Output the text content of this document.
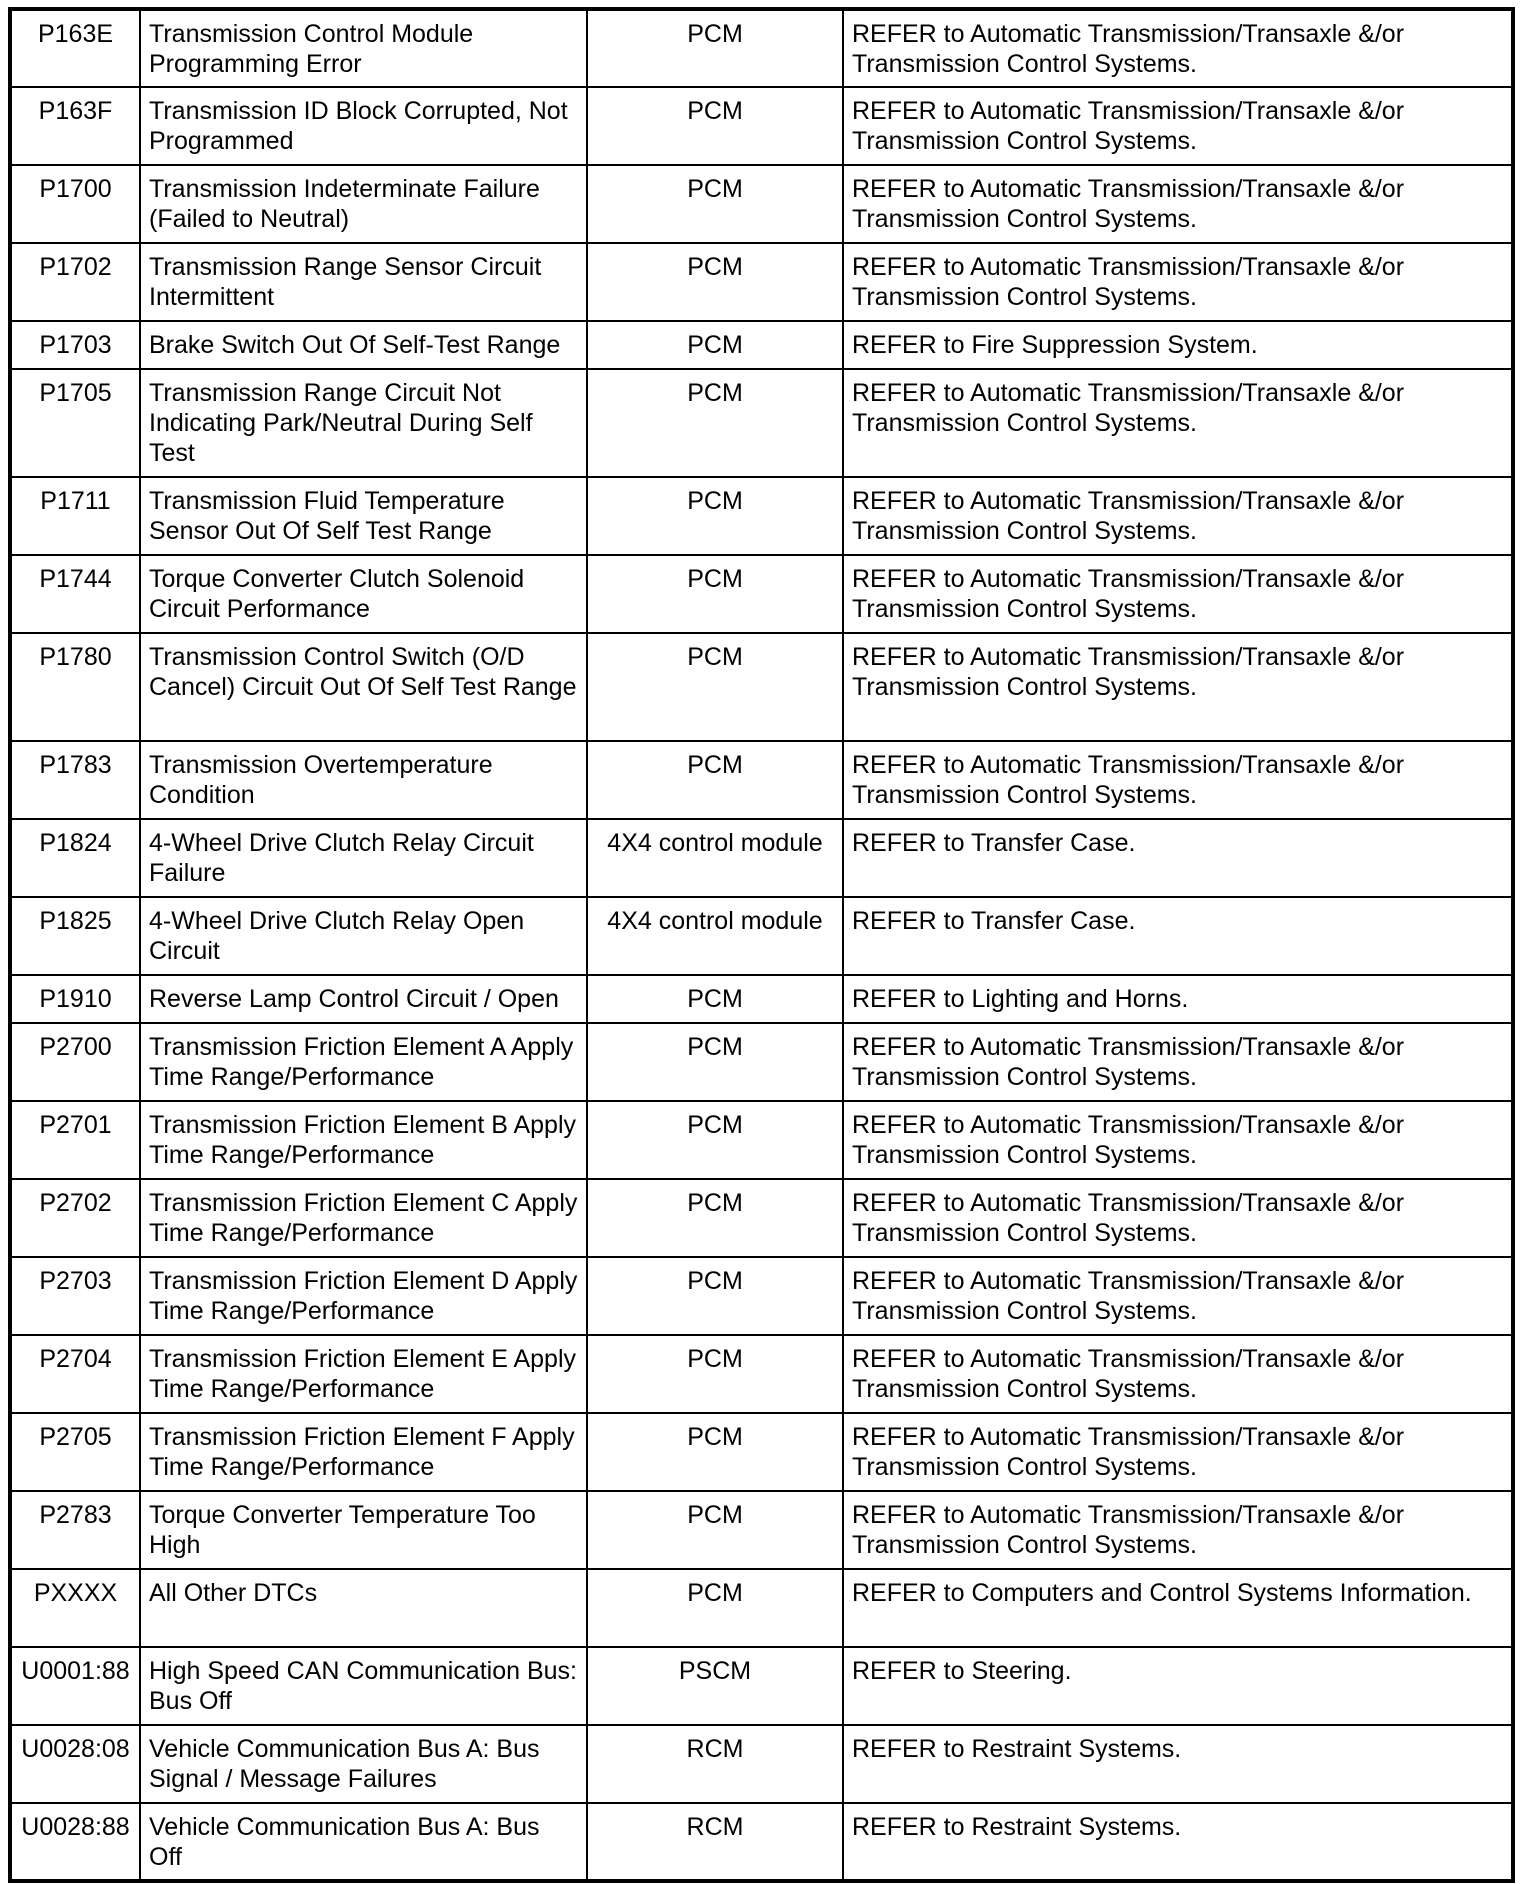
P163E	Transmission Control Module Programming Error	PCM	REFER to Automatic Transmission/Transaxle &/or Transmission Control Systems.
P163F	Transmission ID Block Corrupted, Not Programmed	PCM	REFER to Automatic Transmission/Transaxle &/or Transmission Control Systems.
P1700	Transmission Indeterminate Failure (Failed to Neutral)	PCM	REFER to Automatic Transmission/Transaxle &/or Transmission Control Systems.
P1702	Transmission Range Sensor Circuit Intermittent	PCM	REFER to Automatic Transmission/Transaxle &/or Transmission Control Systems.
P1703	Brake Switch Out Of Self-Test Range	PCM	REFER to Fire Suppression System.
P1705	Transmission Range Circuit Not Indicating Park/Neutral During Self Test	PCM	REFER to Automatic Transmission/Transaxle &/or Transmission Control Systems.
P1711	Transmission Fluid Temperature Sensor Out Of Self Test Range	PCM	REFER to Automatic Transmission/Transaxle &/or Transmission Control Systems.
P1744	Torque Converter Clutch Solenoid Circuit Performance	PCM	REFER to Automatic Transmission/Transaxle &/or Transmission Control Systems.
P1780	Transmission Control Switch (O/D Cancel) Circuit Out Of Self Test Range	PCM	REFER to Automatic Transmission/Transaxle &/or Transmission Control Systems.
P1783	Transmission Overtemperature Condition	PCM	REFER to Automatic Transmission/Transaxle &/or Transmission Control Systems.
P1824	4-Wheel Drive Clutch Relay Circuit Failure	4X4 control module	REFER to Transfer Case.
P1825	4-Wheel Drive Clutch Relay Open Circuit	4X4 control module	REFER to Transfer Case.
P1910	Reverse Lamp Control Circuit / Open	PCM	REFER to Lighting and Horns.
P2700	Transmission Friction Element A Apply Time Range/Performance	PCM	REFER to Automatic Transmission/Transaxle &/or Transmission Control Systems.
P2701	Transmission Friction Element B Apply Time Range/Performance	PCM	REFER to Automatic Transmission/Transaxle &/or Transmission Control Systems.
P2702	Transmission Friction Element C Apply Time Range/Performance	PCM	REFER to Automatic Transmission/Transaxle &/or Transmission Control Systems.
P2703	Transmission Friction Element D Apply Time Range/Performance	PCM	REFER to Automatic Transmission/Transaxle &/or Transmission Control Systems.
P2704	Transmission Friction Element E Apply Time Range/Performance	PCM	REFER to Automatic Transmission/Transaxle &/or Transmission Control Systems.
P2705	Transmission Friction Element F Apply Time Range/Performance	PCM	REFER to Automatic Transmission/Transaxle &/or Transmission Control Systems.
P2783	Torque Converter Temperature Too High	PCM	REFER to Automatic Transmission/Transaxle &/or Transmission Control Systems.
PXXXX	All Other DTCs	PCM	REFER to Computers and Control Systems Information.
U0001:88	High Speed CAN Communication Bus: Bus Off	PSCM	REFER to Steering.
U0028:08	Vehicle Communication Bus A: Bus Signal / Message Failures	RCM	REFER to Restraint Systems.
U0028:88	Vehicle Communication Bus A: Bus Off	RCM	REFER to Restraint Systems.
